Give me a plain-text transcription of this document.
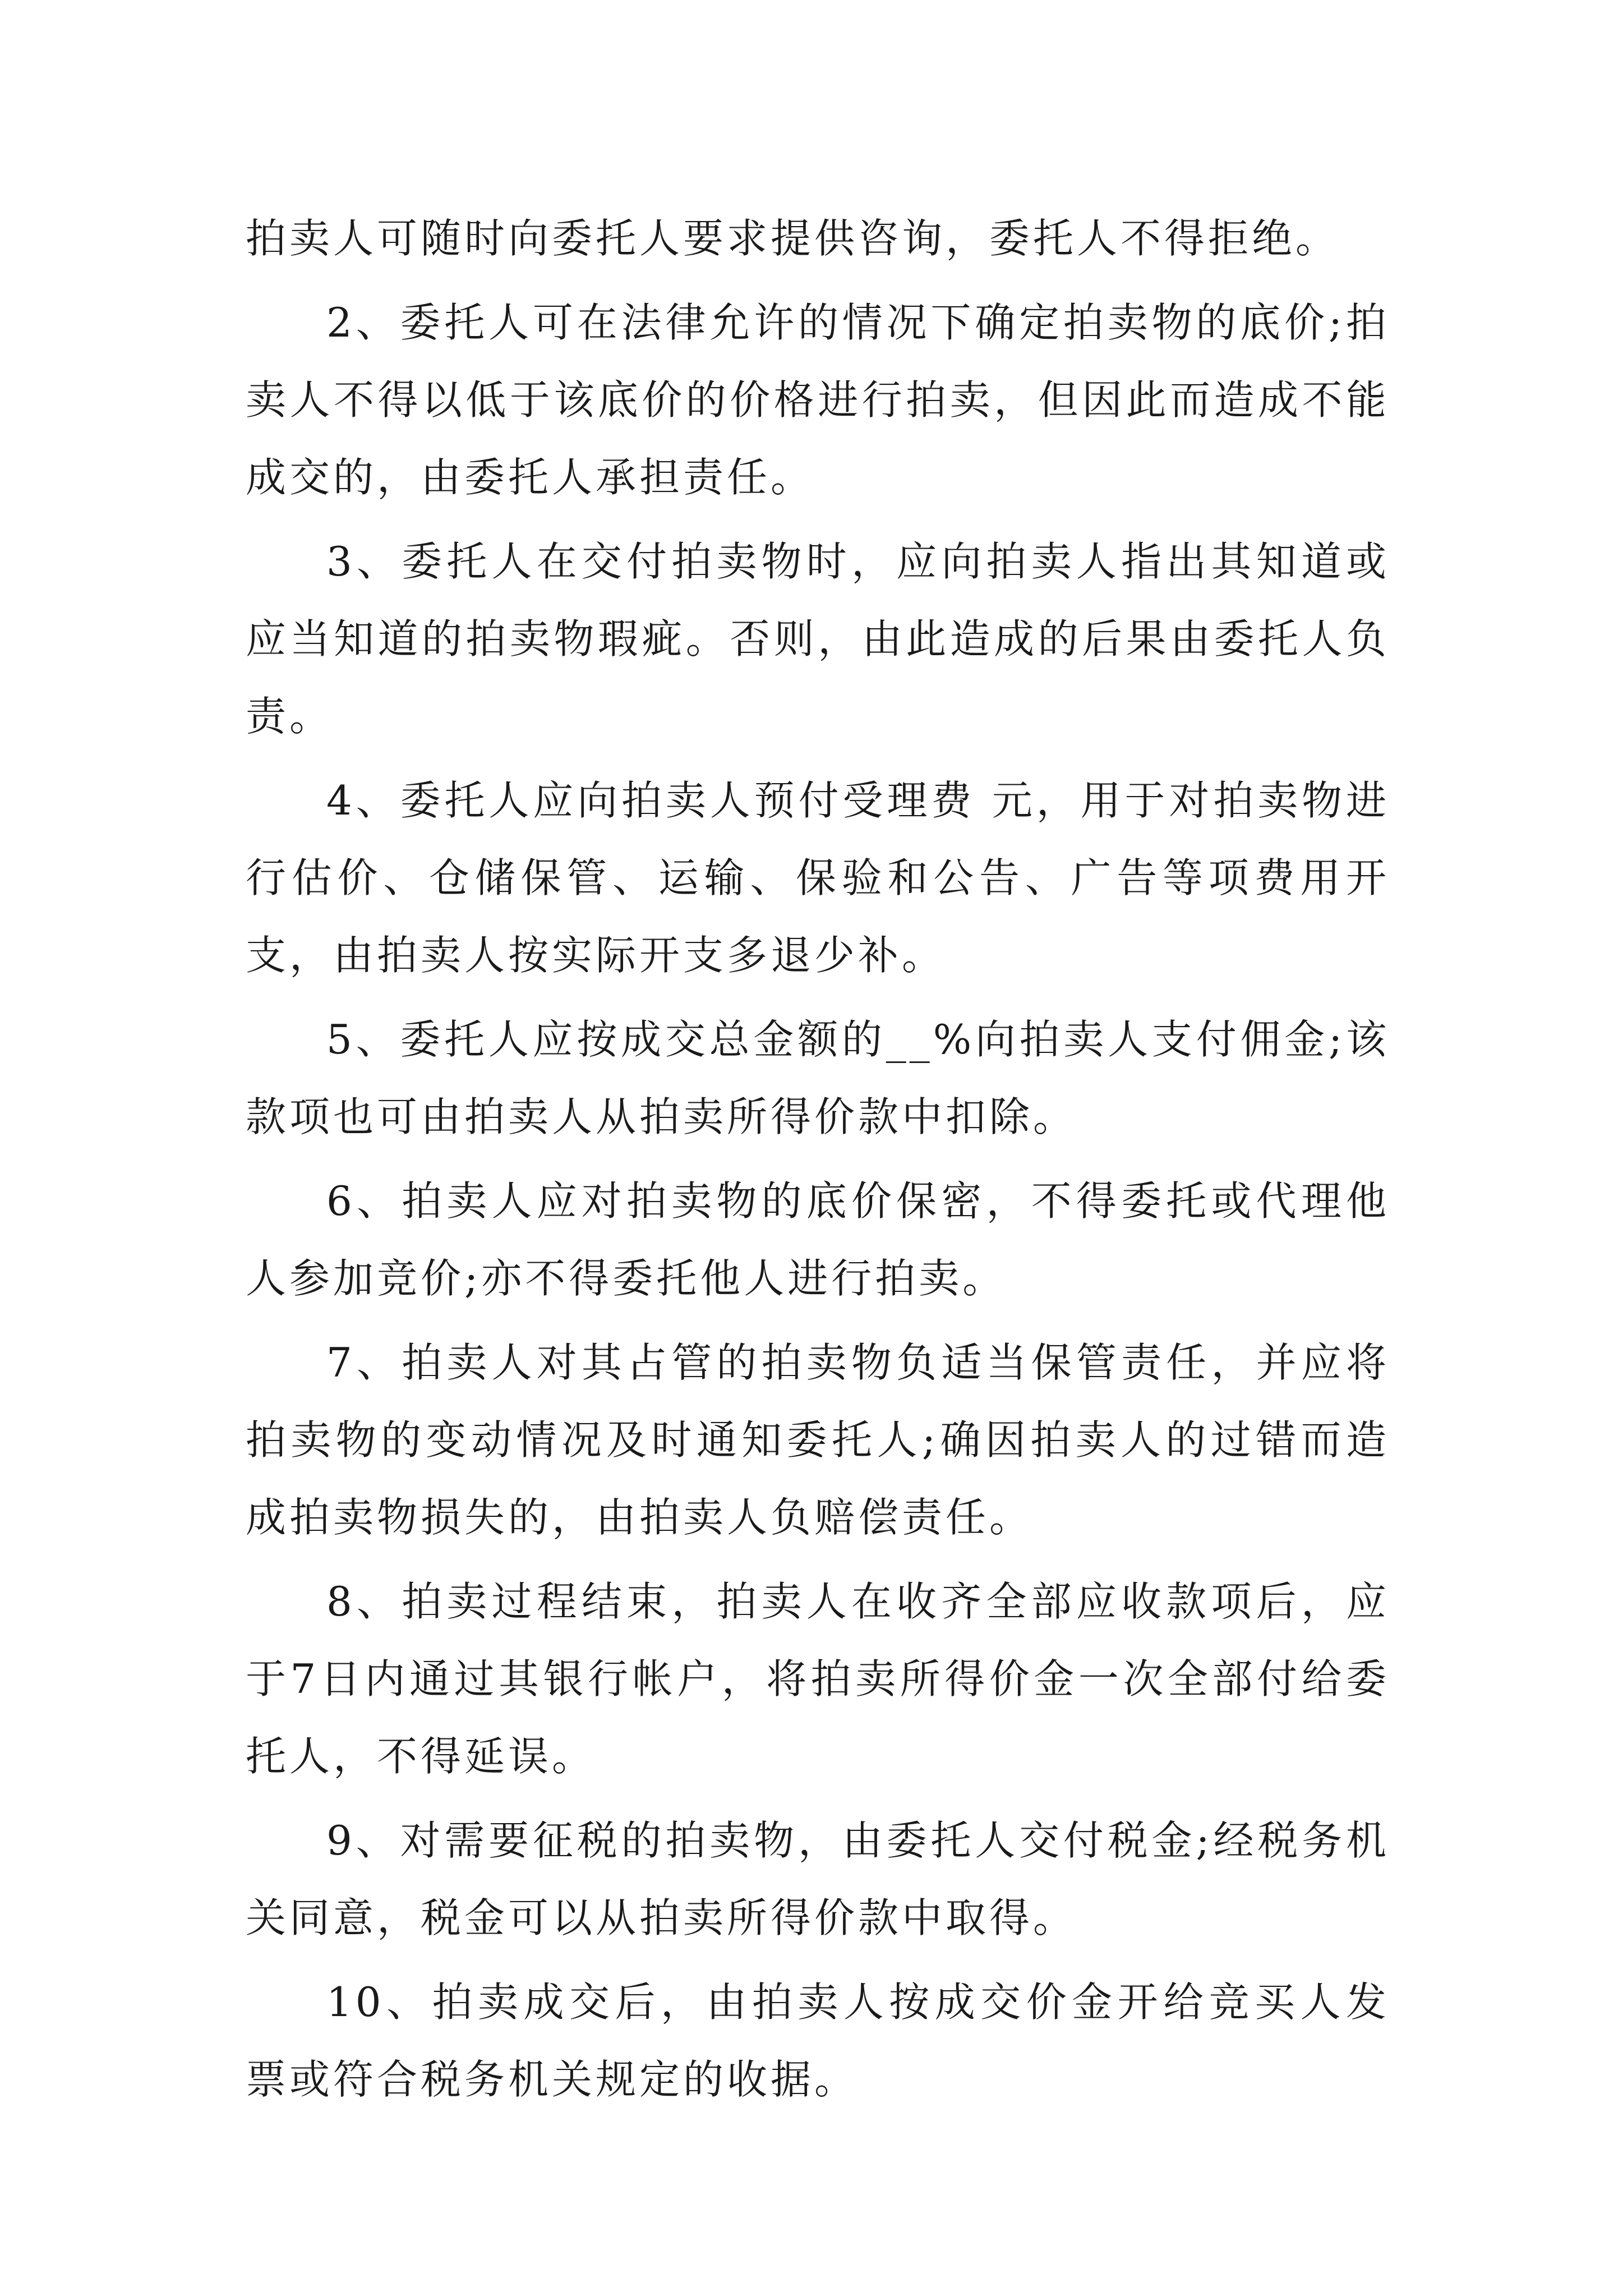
拍卖人可随时向委托人要求提供咨询，委托人不得拒绝。

2、委托人可在法律允许的情况下确定拍卖物的底价;拍卖人不得以低于该底价的价格进行拍卖，但因此而造成不能成交的，由委托人承担责任。

3、委托人在交付拍卖物时，应向拍卖人指出其知道或应当知道的拍卖物瑕疵。否则，由此造成的后果由委托人负责。

4、委托人应向拍卖人预付受理费 元，用于对拍卖物进行估价、仓储保管、运输、保验和公告、广告等项费用开支，由拍卖人按实际开支多退少补。

5、委托人应按成交总金额的__%向拍卖人支付佣金;该款项也可由拍卖人从拍卖所得价款中扣除。

6、拍卖人应对拍卖物的底价保密，不得委托或代理他人参加竞价;亦不得委托他人进行拍卖。

7、拍卖人对其占管的拍卖物负适当保管责任，并应将拍卖物的变动情况及时通知委托人;确因拍卖人的过错而造成拍卖物损失的，由拍卖人负赔偿责任。

8、拍卖过程结束，拍卖人在收齐全部应收款项后，应于7日内通过其银行帐户，将拍卖所得价金一次全部付给委托人，不得延误。

9、对需要征税的拍卖物，由委托人交付税金;经税务机关同意，税金可以从拍卖所得价款中取得。

10、拍卖成交后，由拍卖人按成交价金开给竞买人发票或符合税务机关规定的收据。
